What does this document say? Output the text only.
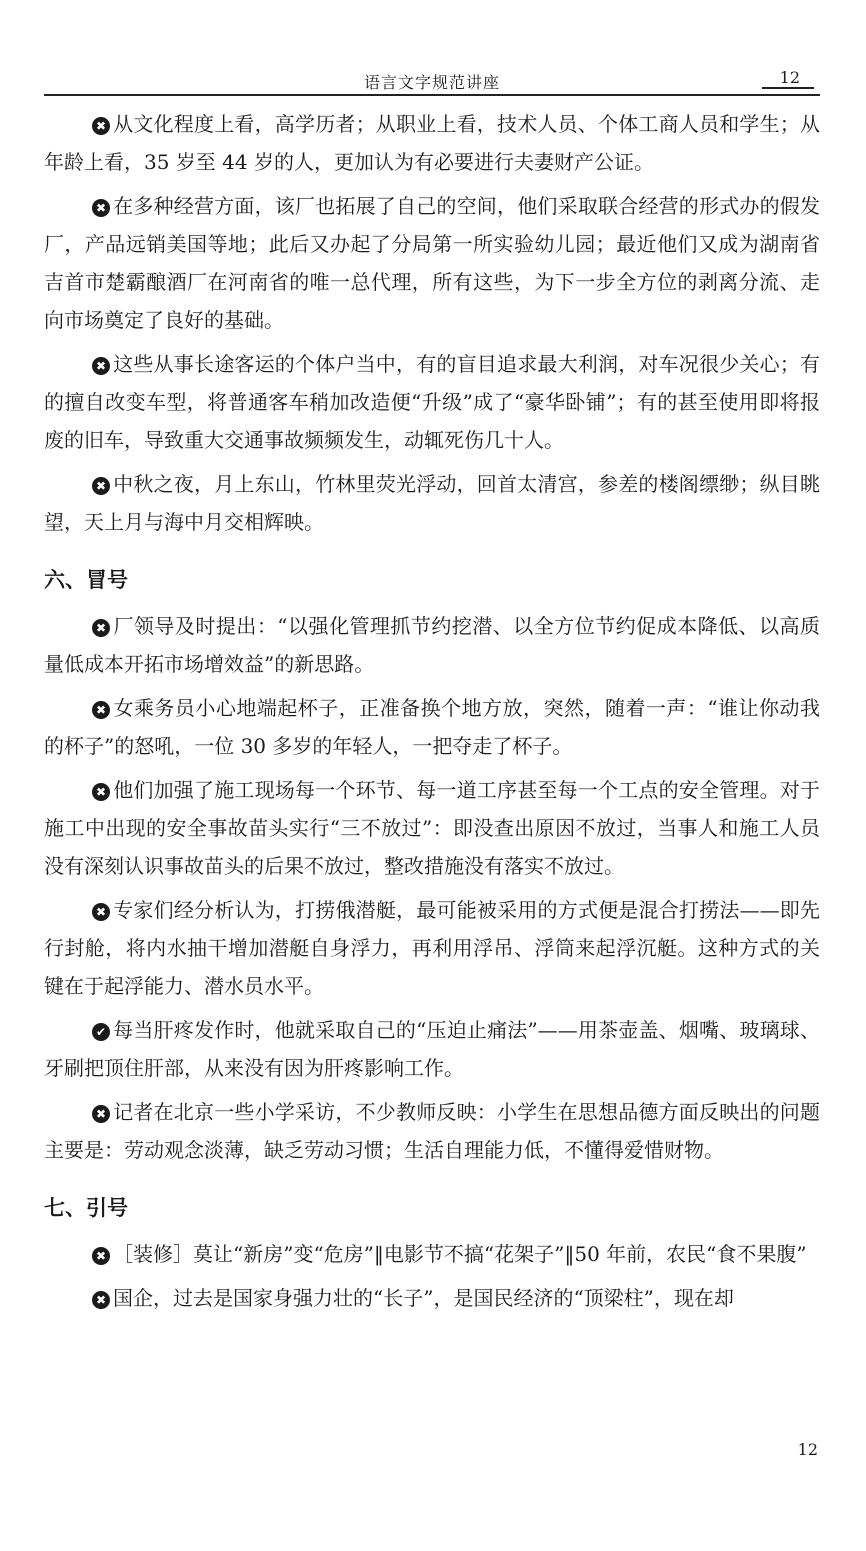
语言文字规范讲座	12

✖ 从文化程度上看，高学历者；从职业上看，技术人员、个体工商人员和学生；从年龄上看，35 岁至 44 岁的人，更加认为有必要进行夫妻财产公证。

✖ 在多种经营方面，该厂也拓展了自己的空间，他们采取联合经营的形式办的假发厂，产品远销美国等地；此后又办起了分局第一所实验幼儿园；最近他们又成为湖南省吉首市楚霸酿酒厂在河南省的唯一总代理，所有这些，为下一步全方位的剥离分流、走向市场奠定了良好的基础。

✖ 这些从事长途客运的个体户当中，有的盲目追求最大利润，对车况很少关心；有的擅自改变车型，将普通客车稍加改造便“升级”成了“豪华卧铺”；有的甚至使用即将报废的旧车，导致重大交通事故频频发生，动辄死伤几十人。

✖ 中秋之夜，月上东山，竹林里荧光浮动，回首太清宫，参差的楼阁缥缈；纵目眺望，天上月与海中月交相辉映。

六、冒号

✖ 厂领导及时提出：“以强化管理抓节约挖潜、以全方位节约促成本降低、以高质量低成本开拓市场增效益”的新思路。

✖ 女乘务员小心地端起杯子，正准备换个地方放，突然，随着一声：“谁让你动我的杯子”的怒吼，一位 30 多岁的年轻人，一把夺走了杯子。

✖ 他们加强了施工现场每一个环节、每一道工序甚至每一个工点的安全管理。对于施工中出现的安全事故苗头实行“三不放过”：即没查出原因不放过，当事人和施工人员没有深刻认识事故苗头的后果不放过，整改措施没有落实不放过。

✖ 专家们经分析认为，打捞俄潜艇，最可能被采用的方式便是混合打捞法——即先行封舱，将内水抽干增加潜艇自身浮力，再利用浮吊、浮筒来起浮沉艇。这种方式的关键在于起浮能力、潜水员水平。

✔ 每当肝疼发作时，他就采取自己的“压迫止痛法”——用茶壶盖、烟嘴、玻璃球、牙刷把顶住肝部，从来没有因为肝疼影响工作。

✖ 记者在北京一些小学采访，不少教师反映：小学生在思想品德方面反映出的问题主要是：劳动观念淡薄，缺乏劳动习惯；生活自理能力低，不懂得爱惜财物。

七、引号

✖ ［装修］莫让“新房”变“危房”‖电影节不搞“花架子”‖50 年前，农民“食不果腹”

✖ 国企，过去是国家身强力壮的“长子”，是国民经济的“顶梁柱”，现在却

12
